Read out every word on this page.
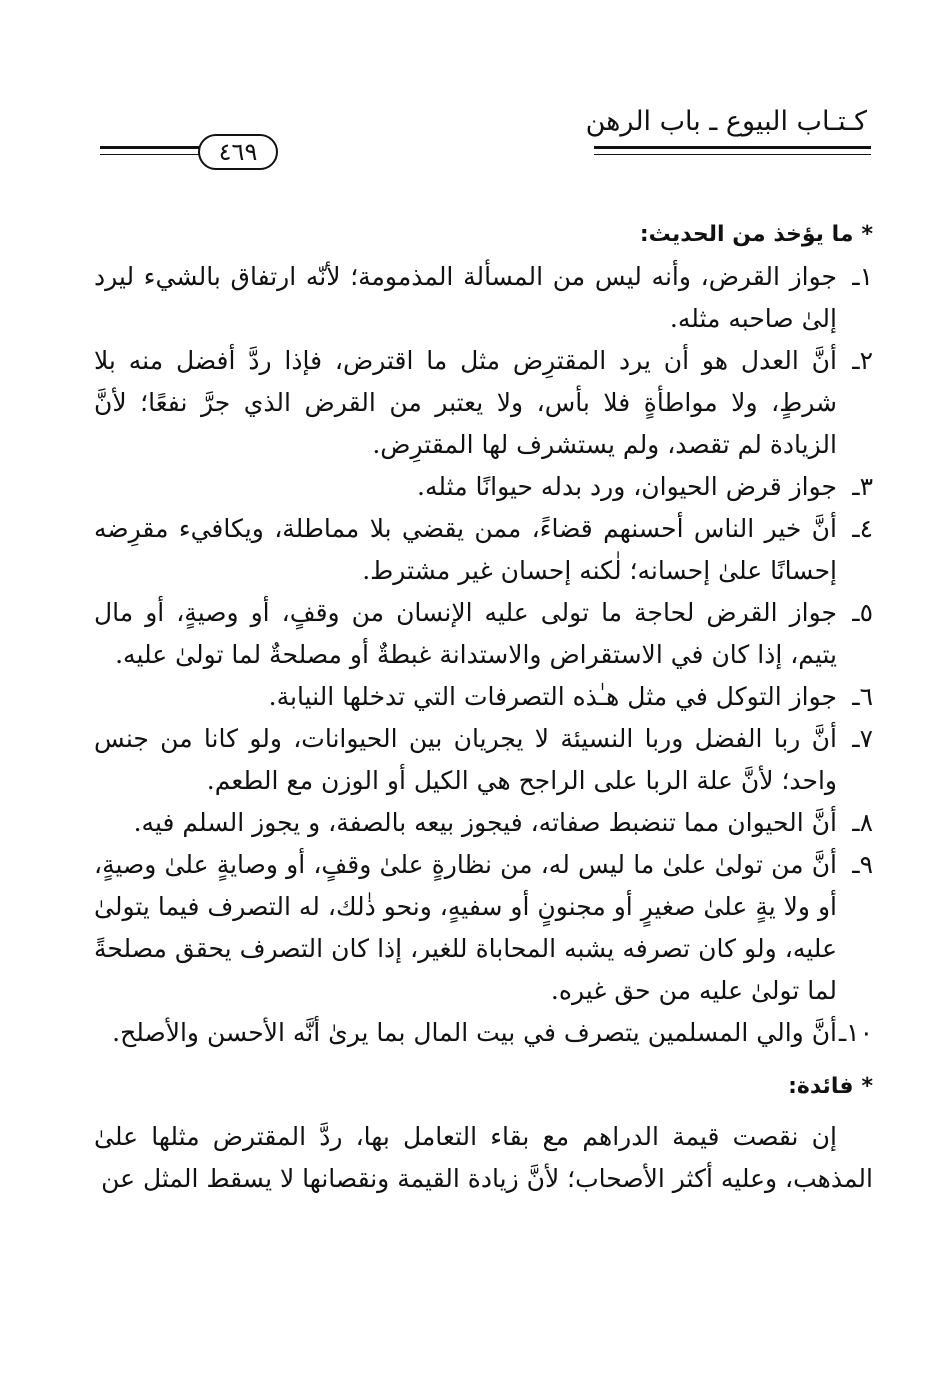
كـتـاب البيوع ـ باب الرهن
٤٦٩

*ما يؤخذ من الحديث:

١ـجواز القرض، وأنه ليس من المسألة المذمومة؛ لأنّه ارتفاق بالشيء ليرد إلىٰ صاحبه مثله.

٢ـأنَّ العدل هو أن يرد المقترِض مثل ما اقترض، فإذا ردَّ أفضل منه بلا شرطٍ، ولا مواطأةٍ فلا بأس، ولا يعتبر من القرض الذي جرَّ نفعًا؛ لأنَّ الزيادة لم تقصد، ولم يستشرف لها المقترِض.

٣ـجواز قرض الحيوان، ورد بدله حيوانًا مثله.

٤ـأنَّ خير الناس أحسنهم قضاءً، ممن يقضي بلا مماطلة، ويكافيء مقرِضه إحسانًا علىٰ إحسانه؛ لٰكنه إحسان غير مشترط.

٥ـجواز القرض لحاجة ما تولى عليه الإنسان من وقفٍ، أو وصيةٍ، أو مال يتيم، إذا كان في الاستقراض والاستدانة غبطةٌ أو مصلحةٌ لما تولىٰ عليه.

٦ـجواز التوكل في مثل هـٰذه التصرفات التي تدخلها النيابة.

٧ـأنَّ ربا الفضل وربا النسيئة لا يجريان بين الحيوانات، ولو كانا من جنس واحد؛ لأنَّ علة الربا على الراجح هي الكيل أو الوزن مع الطعم.

٨ـأنَّ الحيوان مما تنضبط صفاته، فيجوز بيعه بالصفة، و يجوز السلم فيه.

٩ـأنَّ من تولىٰ علىٰ ما ليس له، من نظارةٍ علىٰ وقفٍ، أو وصايةٍ علىٰ وصيةٍ، أو ولا يةٍ علىٰ صغيرٍ أو مجنونٍ أو سفيهٍ، ونحو ذٰلك، له التصرف فيما يتولىٰ عليه، ولو كان تصرفه يشبه المحاباة للغير، إذا كان التصرف يحقق مصلحةً لما تولىٰ عليه من حق غيره.

١٠ـأنَّ والي المسلمين يتصرف في بيت المال بما يرىٰ أنَّه الأحسن والأصلح.

*فائدة:

إن نقصت قيمة الدراهم مع بقاء التعامل بها، ردَّ المقترض مثلها علىٰ المذهب، وعليه أكثر الأصحاب؛ لأنَّ زيادة القيمة ونقصانها لا يسقط المثل عن
